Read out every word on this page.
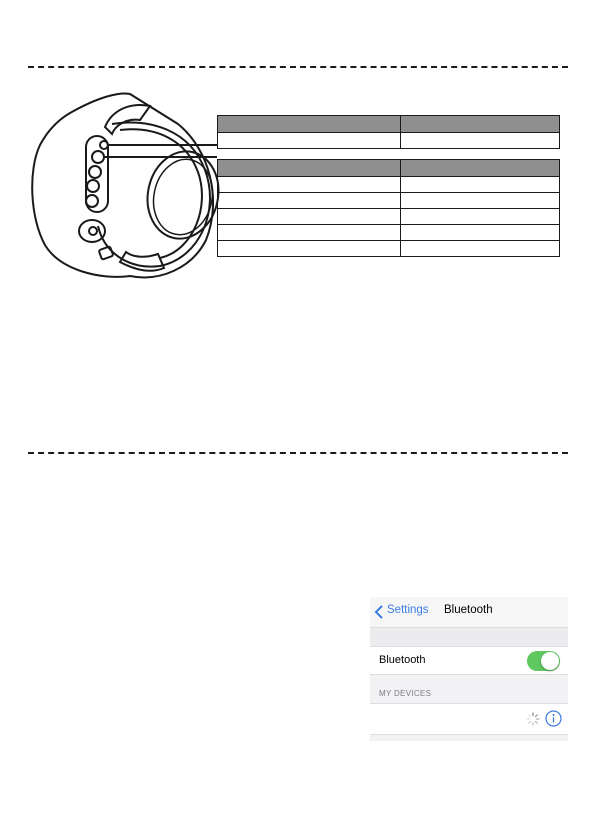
Settings Bluetooth
Bluetooth
MY DEVICES
